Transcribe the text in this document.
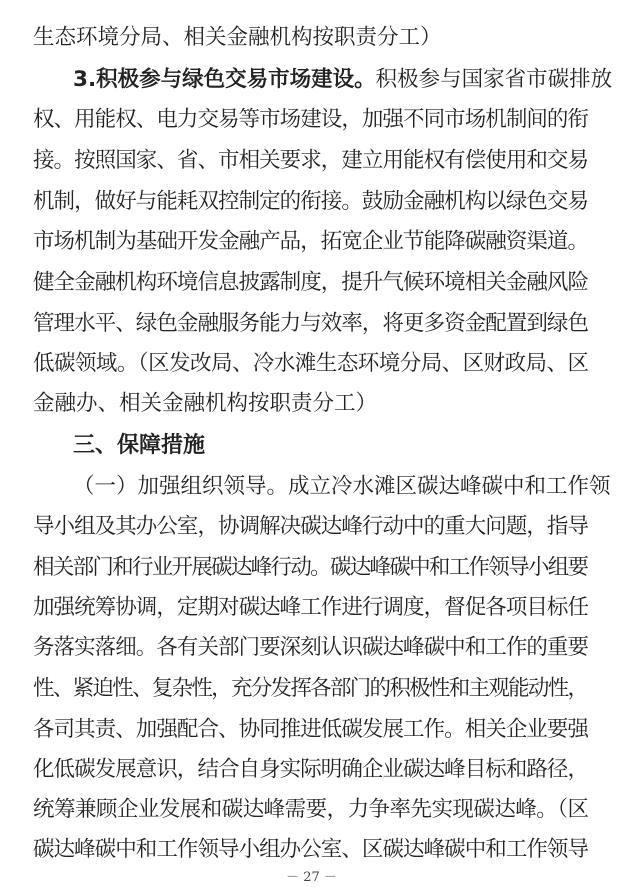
生态环境分局、相关金融机构按职责分工）
3.积极参与绿色交易市场建设。积极参与国家省市碳排放
权、用能权、电力交易等市场建设，加强不同市场机制间的衔
接。按照国家、省、市相关要求，建立用能权有偿使用和交易
机制，做好与能耗双控制定的衔接。鼓励金融机构以绿色交易
市场机制为基础开发金融产品，拓宽企业节能降碳融资渠道。
健全金融机构环境信息披露制度，提升气候环境相关金融风险
管理水平、绿色金融服务能力与效率，将更多资金配置到绿色
低碳领域。（区发改局、冷水滩生态环境分局、区财政局、区
金融办、相关金融机构按职责分工）
三、保障措施
（一）加强组织领导。成立冷水滩区碳达峰碳中和工作领
导小组及其办公室，协调解决碳达峰行动中的重大问题，指导
相关部门和行业开展碳达峰行动。碳达峰碳中和工作领导小组要
加强统筹协调，定期对碳达峰工作进行调度，督促各项目标任
务落实落细。各有关部门要深刻认识碳达峰碳中和工作的重要
性、紧迫性、复杂性，充分发挥各部门的积极性和主观能动性，
各司其责、加强配合、协同推进低碳发展工作。相关企业要强
化低碳发展意识，结合自身实际明确企业碳达峰目标和路径，
统筹兼顾企业发展和碳达峰需要，力争率先实现碳达峰。（区
碳达峰碳中和工作领导小组办公室、区碳达峰碳中和工作领导
－ 27 －
